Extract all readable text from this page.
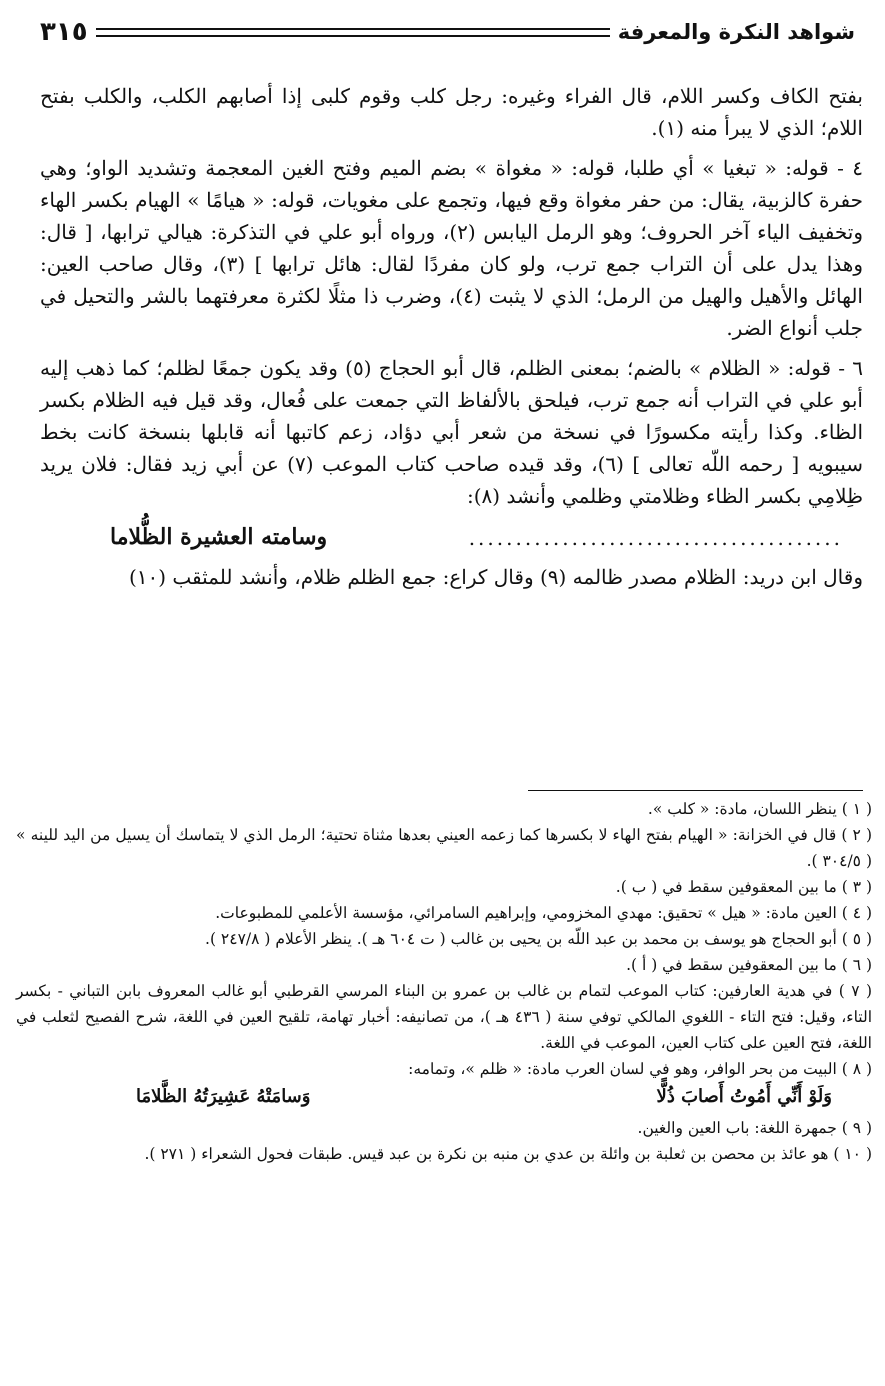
شواهد النكرة والمعرفة
٣١٥

بفتح الكاف وكسر اللام، قال الفراء وغيره: رجل كلب وقوم كلبى إذا أصابهم الكلب، والكلب بفتح اللام؛ الذي لا يبرأ منه (١).

٤ - قوله: « تبغيا » أي طلبا، قوله: « مغواة » بضم الميم وفتح الغين المعجمة وتشديد الواو؛ وهي حفرة كالزبية، يقال: من حفر مغواة وقع فيها، وتجمع على مغويات، قوله: « هيامًا » الهيام بكسر الهاء وتخفيف الياء آخر الحروف؛ وهو الرمل اليابس (٢)، ورواه أبو علي في التذكرة: هيالي ترابها، [ قال: وهذا يدل على أن التراب جمع ترب، ولو كان مفردًا لقال: هائل ترابها ] (٣)، وقال صاحب العين: الهائل والأهيل والهيل من الرمل؛ الذي لا يثبت (٤)، وضرب ذا مثلًا لكثرة معرفتهما بالشر والتحيل في جلب أنواع الضر.

٦ - قوله: « الظلام » بالضم؛ بمعنى الظلم، قال أبو الحجاج (٥) وقد يكون جمعًا لظلم؛ كما ذهب إليه أبو علي في التراب أنه جمع ترب، فيلحق بالألفاظ التي جمعت على فُعال، وقد قيل فيه الظلام بكسر الظاء. وكذا رأيته مكسورًا في نسخة من شعر أبي دؤاد، زعم كاتبها أنه قابلها بنسخة كانت بخط سيبويه [ رحمه اللّه تعالى ] (٦)، وقد قيده صاحب كتاب الموعب (٧) عن أبي زيد فقال: فلان يريد ظِلامِي بكسر الظاء وظلامتي وظلمي وأنشد (٨):

........................................
وسامته العشيرة الظُّلاما

وقال ابن دريد: الظلام مصدر ظالمه (٩) وقال كراع: جمع الظلم ظلام، وأنشد للمثقب (١٠)

( ١ ) ينظر اللسان، مادة: « كلب ».

( ٢ ) قال في الخزانة: « الهيام بفتح الهاء لا بكسرها كما زعمه العيني بعدها مثناة تحتية؛ الرمل الذي لا يتماسك أن يسيل من اليد للينه » ( ٣٠٤/٥ ).

( ٣ ) ما بين المعقوفين سقط في ( ب ).

( ٤ ) العين مادة: « هيل » تحقيق: مهدي المخزومي، وإبراهيم السامرائي، مؤسسة الأعلمي للمطبوعات.

( ٥ ) أبو الحجاج هو يوسف بن محمد بن عبد اللّه بن يحيى بن غالب ( ت ٦٠٤ هـ ). ينظر الأعلام ( ٢٤٧/٨ ).

( ٦ ) ما بين المعقوفين سقط في ( أ ).

( ٧ ) في هدية العارفين: كتاب الموعب لتمام بن غالب بن عمرو بن البناء المرسي القرطبي أبو غالب المعروف بابن التباني - بكسر التاء، وقيل: فتح التاء - اللغوي المالكي توفي سنة ( ٤٣٦ هـ )، من تصانيفه: أخبار تهامة، تلقيح العين في اللغة، شرح الفصيح لثعلب في اللغة، فتح العين على كتاب العين، الموعب في اللغة.

( ٨ ) البيت من بحر الوافر، وهو في لسان العرب مادة: « ظلم »، وتمامه:

وَلَوْ أَنِّي أَمُوتُ أَصابَ ذُلًّا
وَسامَتْهُ عَشِيرَتُهُ الظَّلامَا

( ٩ ) جمهرة اللغة: باب العين والغين.

( ١٠ ) هو عائذ بن محصن بن ثعلبة بن وائلة بن عدي بن منبه بن نكرة بن عبد قيس. طبقات فحول الشعراء ( ٢٧١ ).
